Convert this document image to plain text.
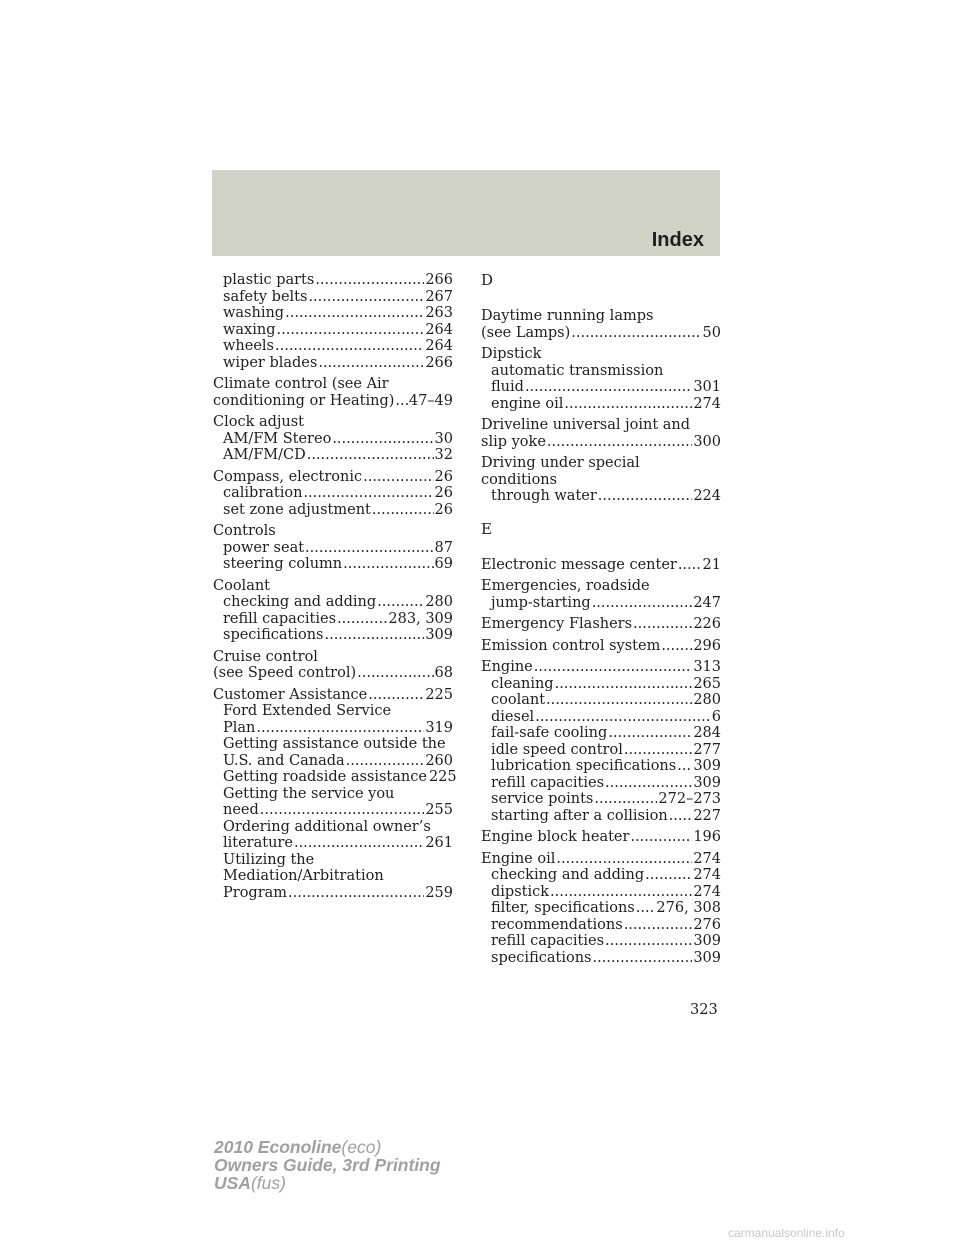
Index
plastic parts .....	266
safety belts .....	267
washing .....	263
waxing .....	264
wheels .....	264
wiper blades .....	266
Climate control (see Air
conditioning or Heating) ..... 47–49
Clock adjust
AM/FM Stereo .....	30
AM/FM/CD .....	32
Compass, electronic .....	26
calibration .....	26
set zone adjustment .....	26
Controls
power seat .....	87
steering column .....	69
Coolant
checking and adding .....	280
refill capacities .....	283, 309
specifications .....	309
Cruise control
(see Speed control) .....	68
Customer Assistance .....	225
Ford Extended Service
Plan .....	319
Getting assistance outside the
U.S. and Canada .....	260
Getting roadside assistance 225
Getting the service you
need .....	255
Ordering additional owner’s
literature .....	261
Utilizing the
Mediation/Arbitration
Program .....	259
D
Daytime running lamps
(see Lamps) .....	50
Dipstick
automatic transmission
fluid .....	301
engine oil .....	274
Driveline universal joint and
slip yoke .....	300
Driving under special
conditions
through water .....	224
E
Electronic message center ..... 21
Emergencies, roadside
jump-starting .....	247
Emergency Flashers .....	226
Emission control system ..... 296
Engine .....	313
cleaning .....	265
coolant .....	280
diesel .....	6
fail-safe cooling .....	284
idle speed control .....	277
lubrication specifications ..... 309
refill capacities .....	309
service points .....	272–273
starting after a collision ..... 227
Engine block heater .....	196
Engine oil .....	274
checking and adding .....	274
dipstick .....	274
filter, specifications ..... 276, 308
recommendations .....	276
refill capacities .....	309
specifications .....	309
323
2010 Econoline(eco)
Owners Guide, 3rd Printing
USA(fus)
carmanualsonline.info
